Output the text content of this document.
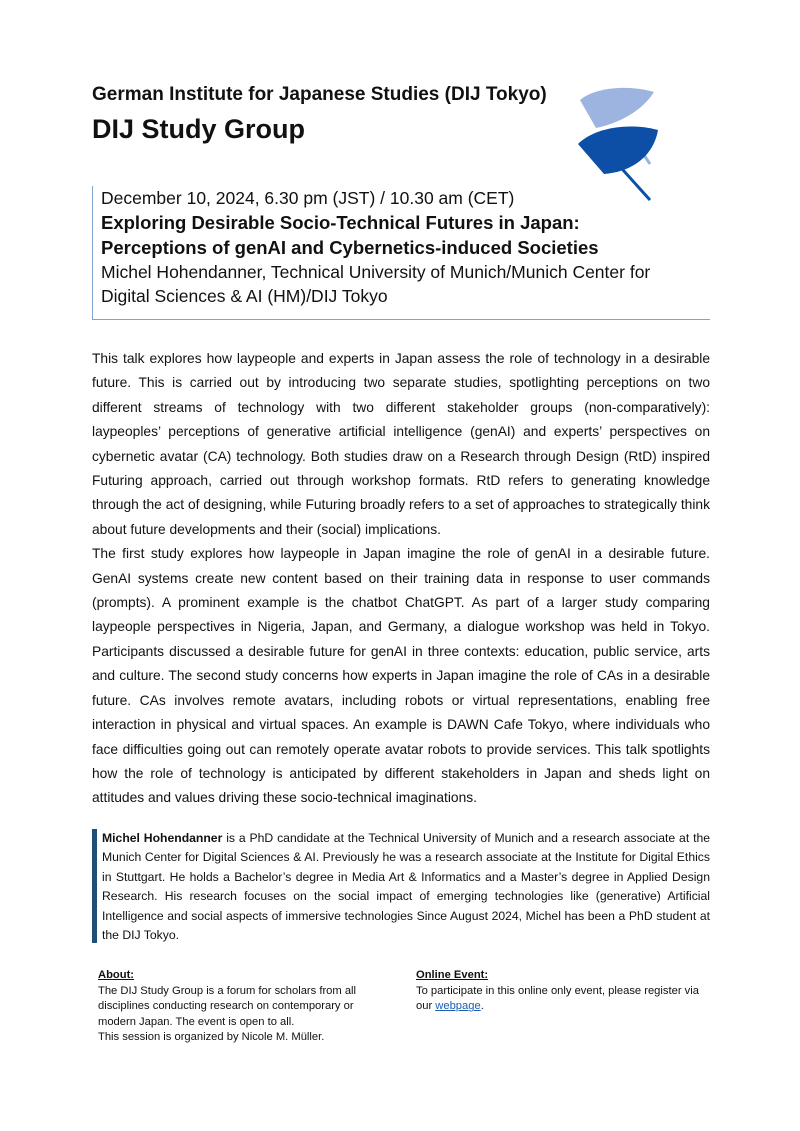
German Institute for Japanese Studies (DIJ Tokyo)
DIJ Study Group

December 10, 2024, 6.30 pm (JST) / 10.30 am (CET)

Exploring Desirable Socio-Technical Futures in Japan:

Perceptions of genAI and Cybernetics-induced Societies

Michel Hohendanner, Technical University of Munich/Munich Center for

Digital Sciences & AI (HM)/DIJ Tokyo

This talk explores how laypeople and experts in Japan assess the role of technology in a desirable future. This is carried out by introducing two separate studies, spotlighting perceptions on two different streams of technology with two different stakeholder groups (non-comparatively): laypeoples’ perceptions of generative artificial intelligence (genAI) and experts’ perspectives on cybernetic avatar (CA) technology. Both studies draw on a Research through Design (RtD) inspired Futuring approach, carried out through workshop formats. RtD refers to generating knowledge through the act of designing, while Futuring broadly refers to a set of approaches to strategically think about future developments and their (social) implications.

The first study explores how laypeople in Japan imagine the role of genAI in a desirable future. GenAI systems create new content based on their training data in response to user commands (prompts). A prominent example is the chatbot ChatGPT. As part of a larger study comparing laypeople perspectives in Nigeria, Japan, and Germany, a dialogue workshop was held in Tokyo. Participants discussed a desirable future for genAI in three contexts: education, public service, arts and culture. The second study concerns how experts in Japan imagine the role of CAs in a desirable future. CAs involves remote avatars, including robots or virtual representations, enabling free interaction in physical and virtual spaces. An example is DAWN Cafe Tokyo, where individuals who face difficulties going out can remotely operate avatar robots to provide services. This talk spotlights how the role of technology is anticipated by different stakeholders in Japan and sheds light on attitudes and values driving these socio-technical imaginations.

Michel Hohendanner is a PhD candidate at the Technical University of Munich and a research associate at the Munich Center for Digital Sciences & AI. Previously he was a research associate at the Institute for Digital Ethics in Stuttgart. He holds a Bachelor’s degree in Media Art & Informatics and a Master’s degree in Applied Design Research. His research focuses on the social impact of emerging technologies like (generative) Artificial Intelligence and social aspects of immersive technologies Since August 2024, Michel has been a PhD student at the DIJ Tokyo.

About:

The DIJ Study Group is a forum for scholars from all disciplines conducting research on contemporary or modern Japan. The event is open to all.

This session is organized by Nicole M. Müller.

Online Event:

To participate in this online only event, please register via our webpage.
